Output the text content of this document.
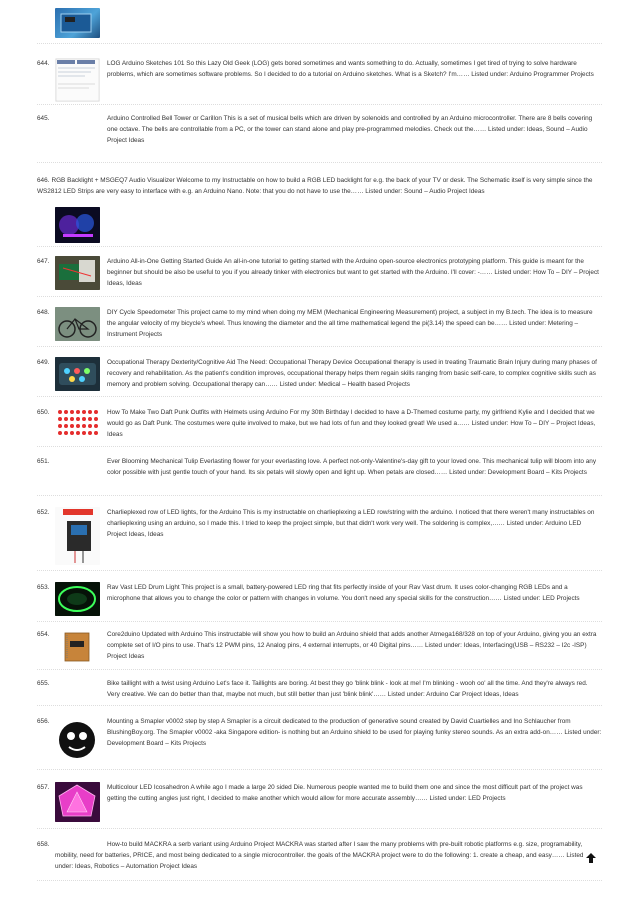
644.	LOG Arduino Sketches 101 So this Lazy Old Geek (LOG) gets bored sometimes and wants something to do. Actually, sometimes I get tired of trying to solve hardware problems, which are sometimes software problems. So I decided to do a tutorial on Arduino sketches. What is a Sketch? I'm…… Listed under: Arduino Programmer Projects
645.	Arduino Controlled Bell Tower or Carillon This is a set of musical bells which are driven by solenoids and controlled by an Arduino microcontroller. There are 8 bells covering one octave. The bells are controllable from a PC, or the tower can stand alone and play pre-programmed melodies. Check out the…… Listed under: Ideas, Sound – Audio Project Ideas
646. RGB Backlight + MSGEQ7 Audio Visualizer Welcome to my Instructable on how to build a RGB LED backlight for e.g. the back of your TV or desk. The Schematic itself is very simple since the WS2812 LED Strips are very easy to interface with e.g. an Arduino Nano. Note: that you do not have to use the…… Listed under: Sound – Audio Project Ideas
647.	Arduino All-in-One Getting Started Guide An all-in-one tutorial to getting started with the Arduino open-source electronics prototyping platform. This guide is meant for the beginner but should be also be useful to you if you already tinker with electronics but want to get started with the Arduino. I'll cover: -…… Listed under: How To – DIY – Project Ideas, Ideas
648.	DIY Cycle Speedometer This project came to my mind when doing my MEM (Mechanical Engineering Measurement) project, a subject in my B.tech. The idea is to measure the angular velocity of my bicycle's wheel. Thus knowing the diameter and the all time mathematical legend the pi(3.14) the speed can be…… Listed under: Metering – Instrument Projects
649.	Occupational Therapy Dexterity/Cognitive Aid The Need: Occupational Therapy Device Occupational therapy is used in treating Traumatic Brain Injury during many phases of recovery and rehabilitation. As the patient's condition improves, occupational therapy helps them regain skills ranging from basic self-care, to complex cognitive skills such as memory and problem solving. Occupational therapy can…… Listed under: Medical – Health based Projects
650.	How To Make Two Daft Punk Outfits with Helmets using Arduino For my 30th Birthday I decided to have a D-Themed costume party, my girlfriend Kylie and I decided that we would go as Daft Punk. The costumes were quite involved to make, but we had lots of fun and they looked great! We used a…… Listed under: How To – DIY – Project Ideas, Ideas
651.	Ever Blooming Mechanical Tulip Everlasting flower for your everlasting love. A perfect not-only-Valentine's-day gift to your loved one. This mechanical tulip will bloom into any color possible with just gentle touch of your hand. Its six petals will slowly open and light up. When petals are closed…… Listed under: Development Board – Kits Projects
652.	Charlieplexed row of LED lights, for the Arduino This is my instructable on charlieplexing a LED row/string with the arduino. I noticed that there weren't many instructables on charlieplexing using an arduino, so I made this. I tried to keep the project simple, but that didn't work very well. The soldering is complex,…… Listed under: Arduino LED Project Ideas, Ideas
653.	Rav Vast LED Drum Light This project is a small, battery-powered LED ring that fits perfectly inside of your Rav Vast drum. It uses color-changing RGB LEDs and a microphone that allows you to change the color or pattern with changes in volume. You don't need any special skills for the construction…… Listed under: LED Projects
654.	Core2duino Updated with Arduino This instructable will show you how to build an Arduino shield that adds another Atmega168/328 on top of your Arduino, giving you an extra complete set of I/O pins to use. That's 12 PWM pins, 12 Analog pins, 4 external interrupts, or 40 Digital pins…… Listed under: Ideas, Interfacing(USB – RS232 – I2c -ISP) Project Ideas
655.	Bike taillight with a twist using Arduino Let's face it. Taillights are boring. At best they go 'blink blink - look at me! I'm blinking - wooh oo' all the time. And they're always red. Very creative. We can do better than that, maybe not much, but still better than just 'blink blink'…… Listed under: Arduino Car Project Ideas, Ideas
656.	Mounting a Smapler v0002 step by step A Smapler is a circuit dedicated to the production of generative sound created by David Cuartielles and Ino Schlaucher from BlushingBoy.org. The Smapler v0002 -aka Singapore edition- is nothing but an Arduino shield to be used for playing funky stereo sounds. As an extra add-on…… Listed under: Development Board – Kits Projects
657.	Multicolour LED Icosahedron A while ago I made a large 20 sided Die. Numerous people wanted me to build them one and since the most difficult part of the project was getting the cutting angles just right, I decided to make another which would allow for more accurate assembly…… Listed under: LED Projects
658.	How-to build MACKRA a serb variant using Arduino Project MACKRA was started after I saw the many problems with pre-built robotic platforms e.g. size, programability, mobility, need for batteries, PRICE, and most being dedicated to a single microcontroller. the goals of the MACKRA project were to do the following: 1. create a cheap, and easy…… Listed under: Ideas, Robotics – Automation Project Ideas
